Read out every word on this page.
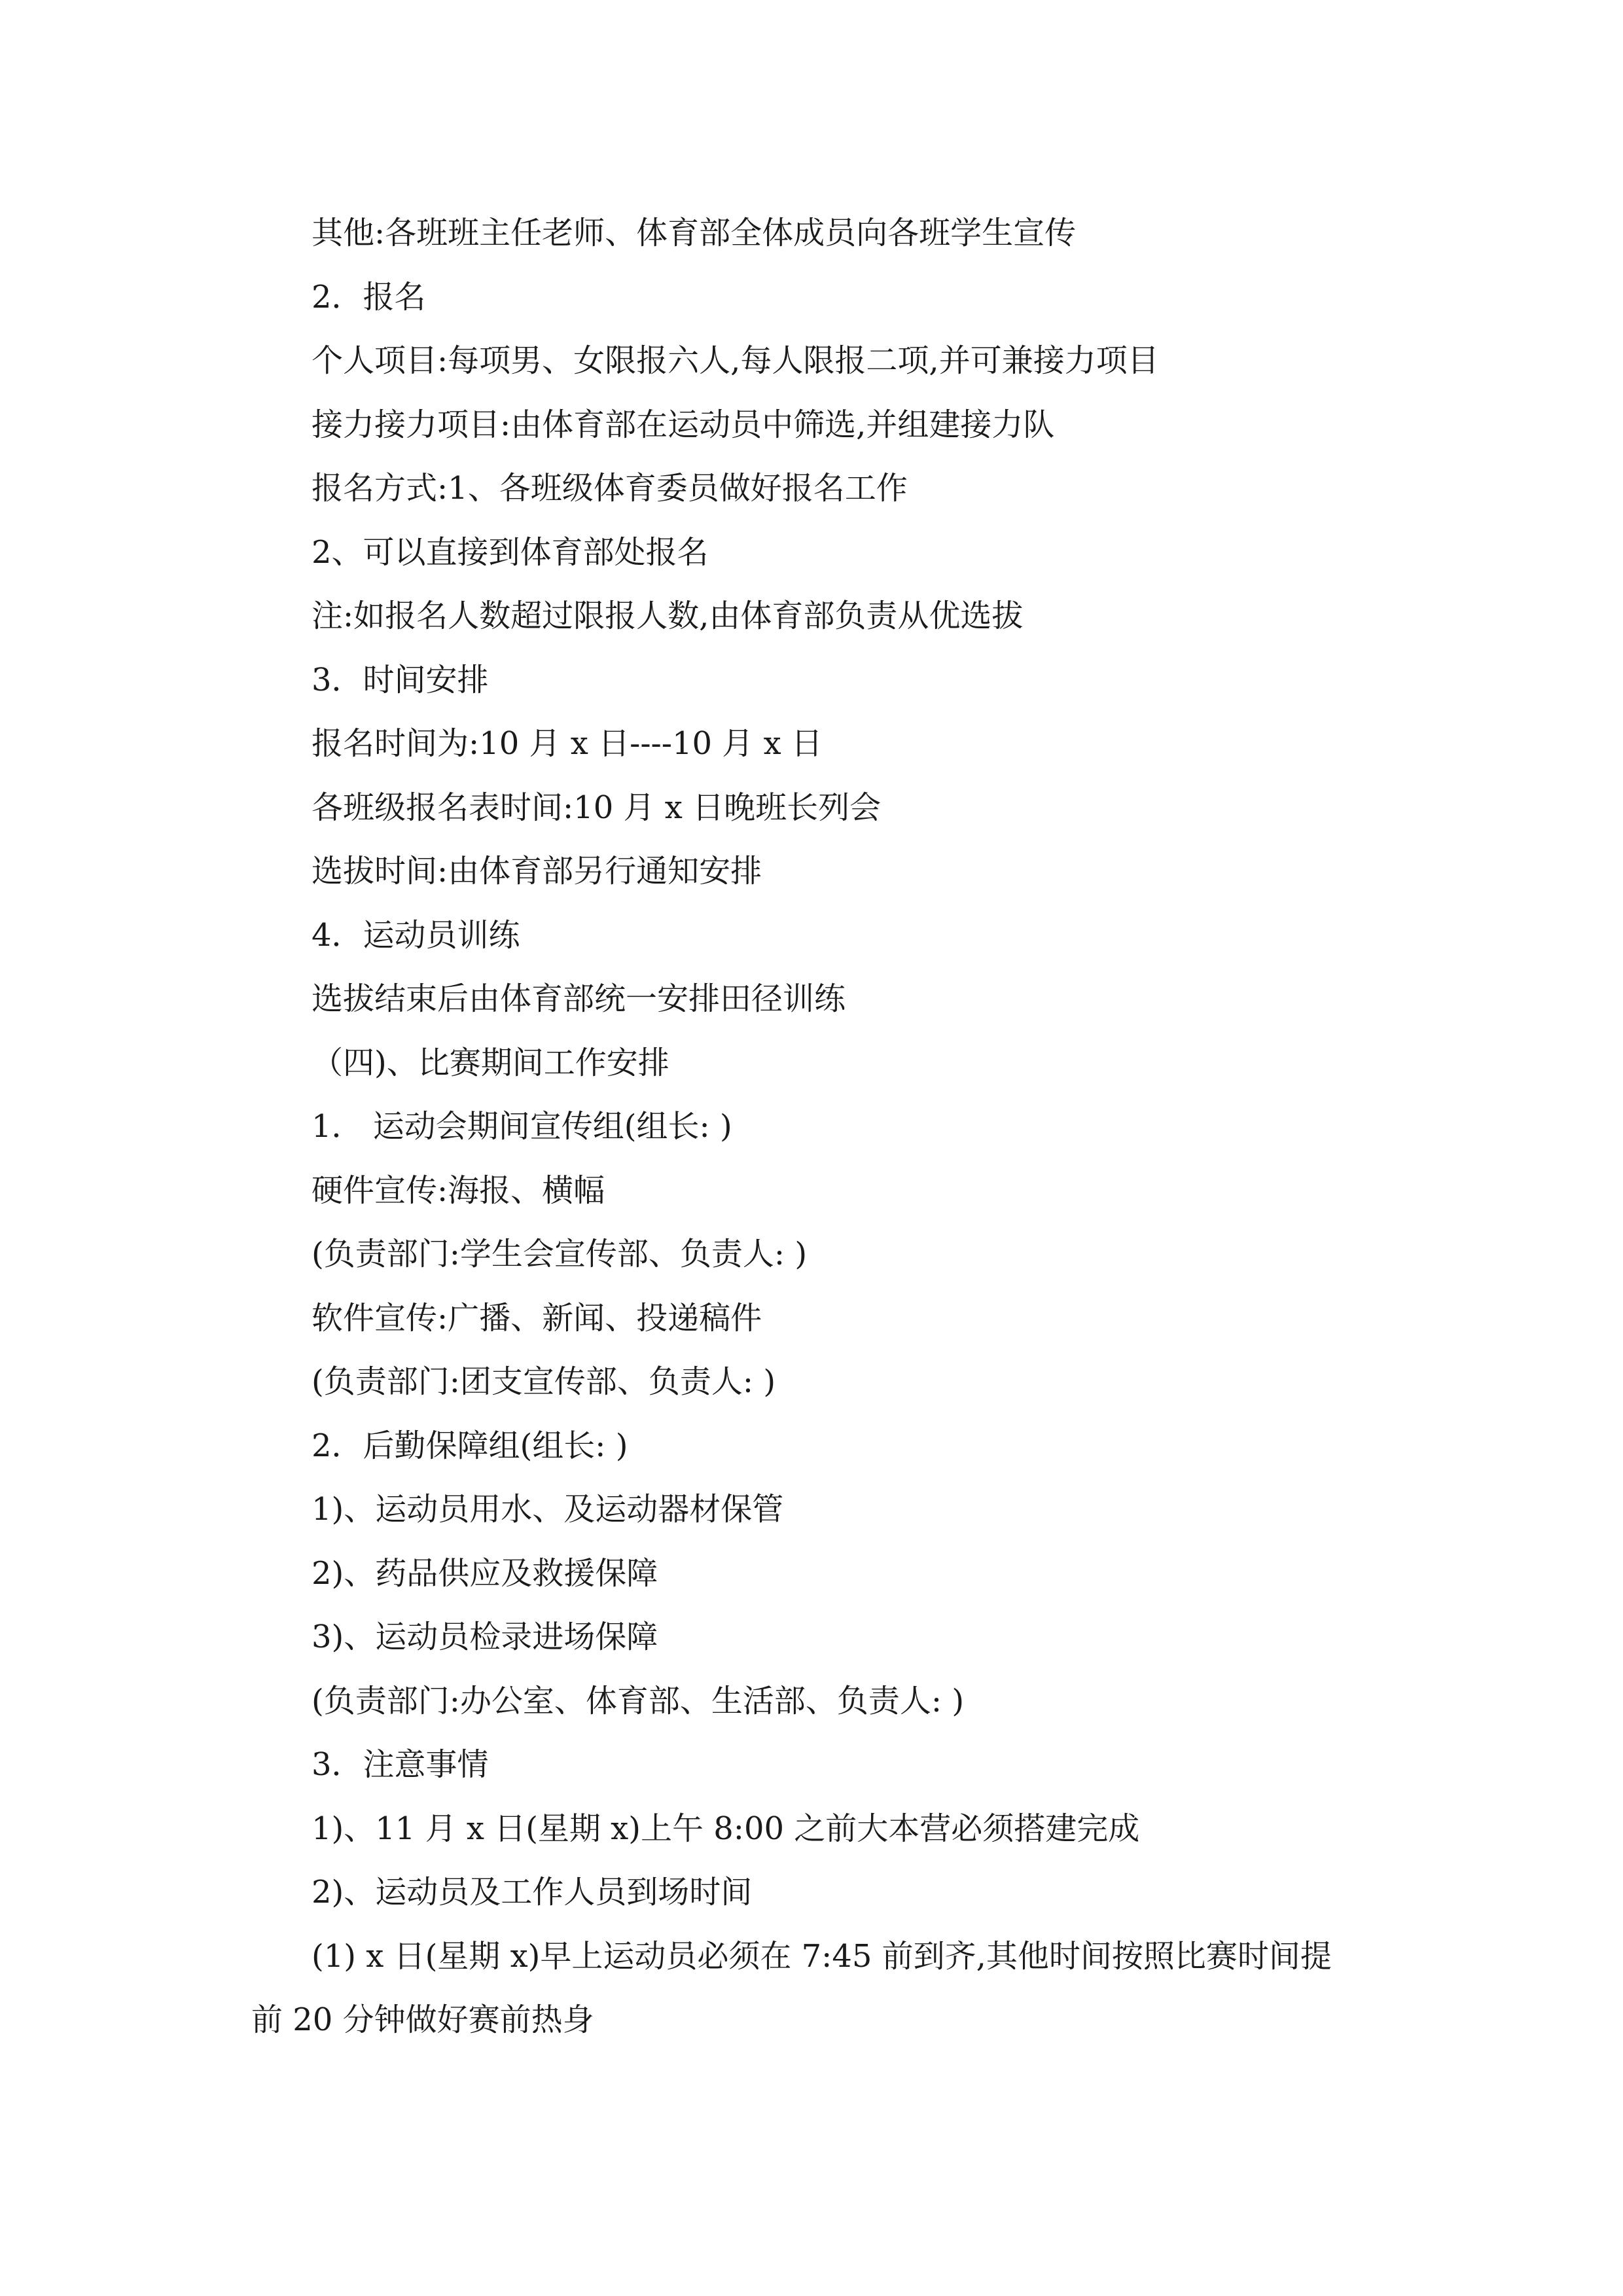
其他:各班班主任老师、体育部全体成员向各班学生宣传
2．报名
个人项目:每项男、女限报六人,每人限报二项,并可兼接力项目
接力接力项目:由体育部在运动员中筛选,并组建接力队
报名方式:1、各班级体育委员做好报名工作
2、可以直接到体育部处报名
注:如报名人数超过限报人数,由体育部负责从优选拔
3．时间安排
报名时间为:10 月 x 日----10 月 x 日
各班级报名表时间:10 月 x 日晚班长列会
选拔时间:由体育部另行通知安排
4．运动员训练
选拔结束后由体育部统一安排田径训练
（四)、比赛期间工作安排
1． 运动会期间宣传组(组长: )
硬件宣传:海报、横幅
(负责部门:学生会宣传部、负责人: )
软件宣传:广播、新闻、投递稿件
(负责部门:团支宣传部、负责人: )
2．后勤保障组(组长: )
1)、运动员用水、及运动器材保管
2)、药品供应及救援保障
3)、运动员检录进场保障
(负责部门:办公室、体育部、生活部、负责人: )
3．注意事情
1)、11 月 x 日(星期 x)上午 8:00 之前大本营必须搭建完成
2)、运动员及工作人员到场时间
(1) x 日(星期 x)早上运动员必须在 7:45 前到齐,其他时间按照比赛时间提
前 20 分钟做好赛前热身
